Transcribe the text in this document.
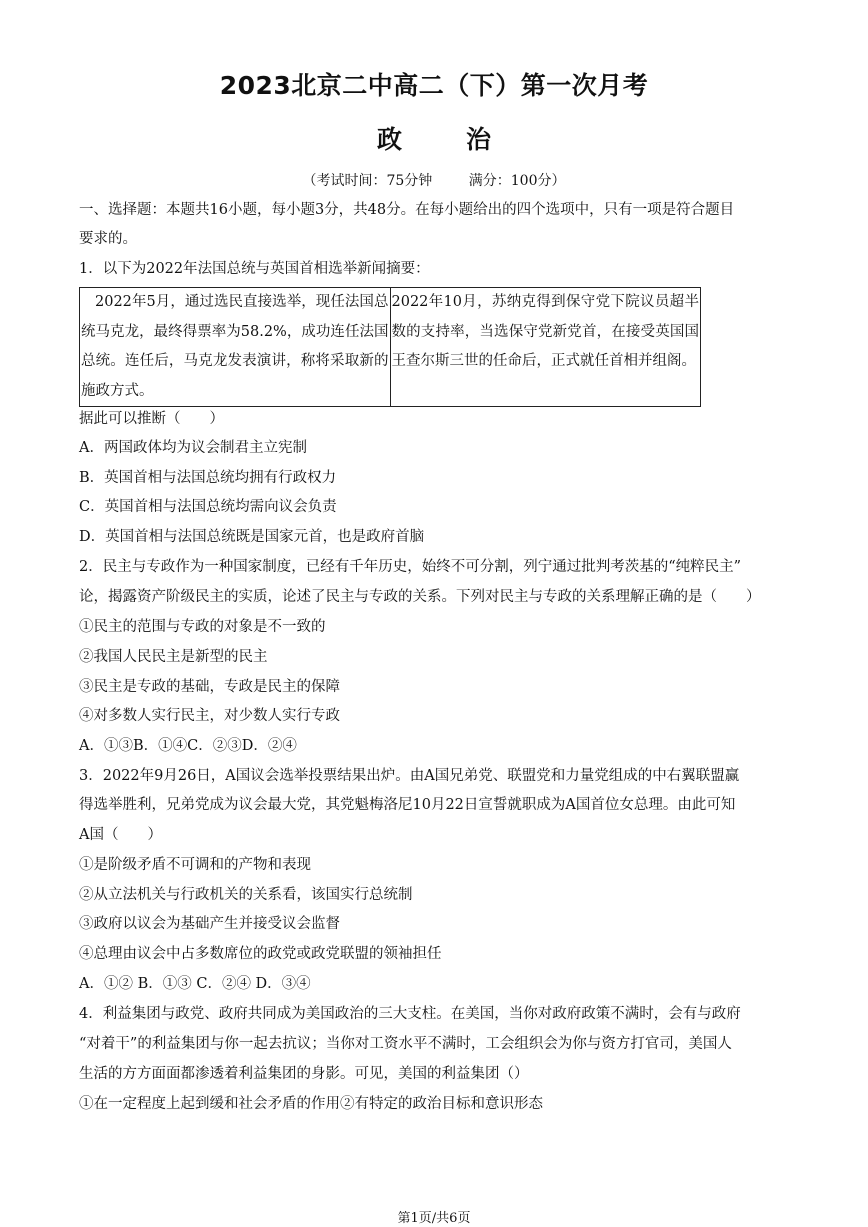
2023北京二中高二（下）第一次月考
政治
（考试时间：75分钟	满分：100分）
一、选择题：本题共16小题，每小题3分，共48分。在每小题给出的四个选项中，只有一项是符合题目
要求的。
1．以下为2022年法国总统与英国首相选举新闻摘要：
2022年5月，通过选民直接选举，现任法国总统马克龙，最终得票率为58.2%，成功连任法国总统。连任后，马克龙发表演讲，称将采取新的施政方式。

2022年10月，苏纳克得到保守党下院议员超半数的支持率，当选保守党新党首，在接受英国国王查尔斯三世的任命后，正式就任首相并组阁。
据此可以推断（　　）
A．两国政体均为议会制君主立宪制
B．英国首相与法国总统均拥有行政权力
C．英国首相与法国总统均需向议会负责
D．英国首相与法国总统既是国家元首，也是政府首脑
2．民主与专政作为一种国家制度，已经有千年历史，始终不可分割，列宁通过批判考茨基的“纯粹民主”
论，揭露资产阶级民主的实质，论述了民主与专政的关系。下列对民主与专政的关系理解正确的是（　　）
①民主的范围与专政的对象是不一致的
②我国人民民主是新型的民主
③民主是专政的基础，专政是民主的保障
④对多数人实行民主，对少数人实行专政
A．①③B．①④C．②③D．②④
3．2022年9月26日，A国议会选举投票结果出炉。由A国兄弟党、联盟党和力量党组成的中右翼联盟赢
得选举胜利，兄弟党成为议会最大党，其党魁梅洛尼10月22日宣誓就职成为A国首位女总理。由此可知
A国（　　）
①是阶级矛盾不可调和的产物和表现
②从立法机关与行政机关的关系看，该国实行总统制
③政府以议会为基础产生并接受议会监督
④总理由议会中占多数席位的政党或政党联盟的领袖担任
A．①② B．①③ C．②④ D．③④
4．利益集团与政党、政府共同成为美国政治的三大支柱。在美国，当你对政府政策不满时，会有与政府
“对着干”的利益集团与你一起去抗议；当你对工资水平不满时，工会组织会为你与资方打官司，美国人
生活的方方面面都渗透着利益集团的身影。可见，美国的利益集团（）
①在一定程度上起到缓和社会矛盾的作用②有特定的政治目标和意识形态
第1页/共6页
